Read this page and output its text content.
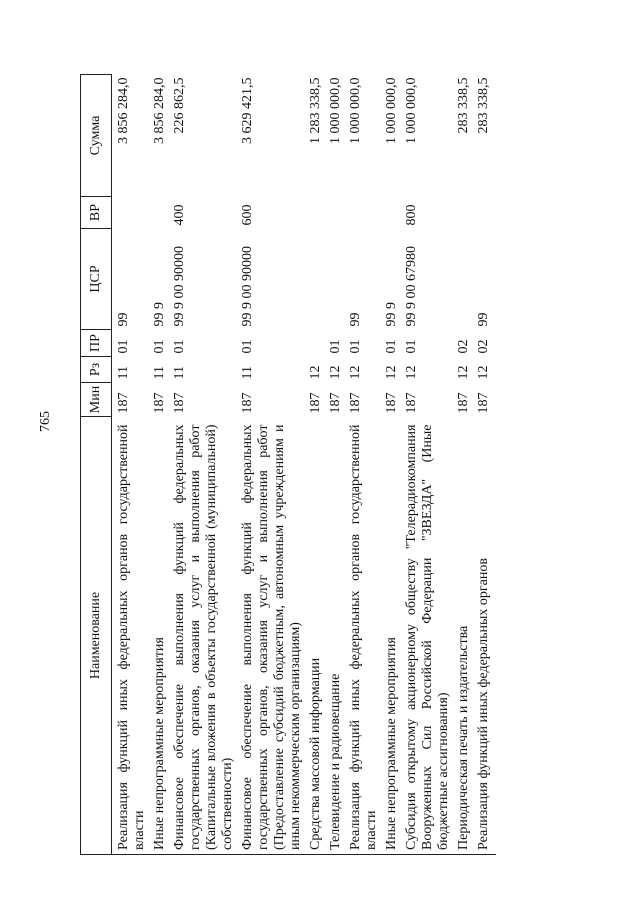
765
Наименование	Мин	Рз	ПР	ЦСР	ВР	Сумма
Реализация функций иных федеральных органов государственной власти	187	11	01	99		3 856 284,0
Иные непрограммные мероприятия	187	11	01	99 9		3 856 284,0
Финансовое обеспечение выполнения функций федеральных государственных органов, оказания услуг и выполнения работ (Капитальные вложения в объекты государственной (муниципальной) собственности)	187	11	01	99 9 00 90000	400	226 862,5
Финансовое обеспечение выполнения функций федеральных государственных органов, оказания услуг и выполнения работ (Предоставление субсидий бюджетным, автономным учреждениям и иным некоммерческим организациям)	187	11	01	99 9 00 90000	600	3 629 421,5
Средства массовой информации	187	12				1 283 338,5
Телевидение и радиовещание	187	12	01			1 000 000,0
Реализация функций иных федеральных органов государственной власти	187	12	01	99		1 000 000,0
Иные непрограммные мероприятия	187	12	01	99 9		1 000 000,0
Субсидия открытому акционерному обществу "Телерадиокомпания Вооруженных Сил Российской Федерации "ЗВЕЗДА" (Иные бюджетные ассигнования)	187	12	01	99 9 00 67980	800	1 000 000,0
Периодическая печать и издательства	187	12	02			283 338,5
Реализация функций иных федеральных органов	187	12	02	99		283 338,5
